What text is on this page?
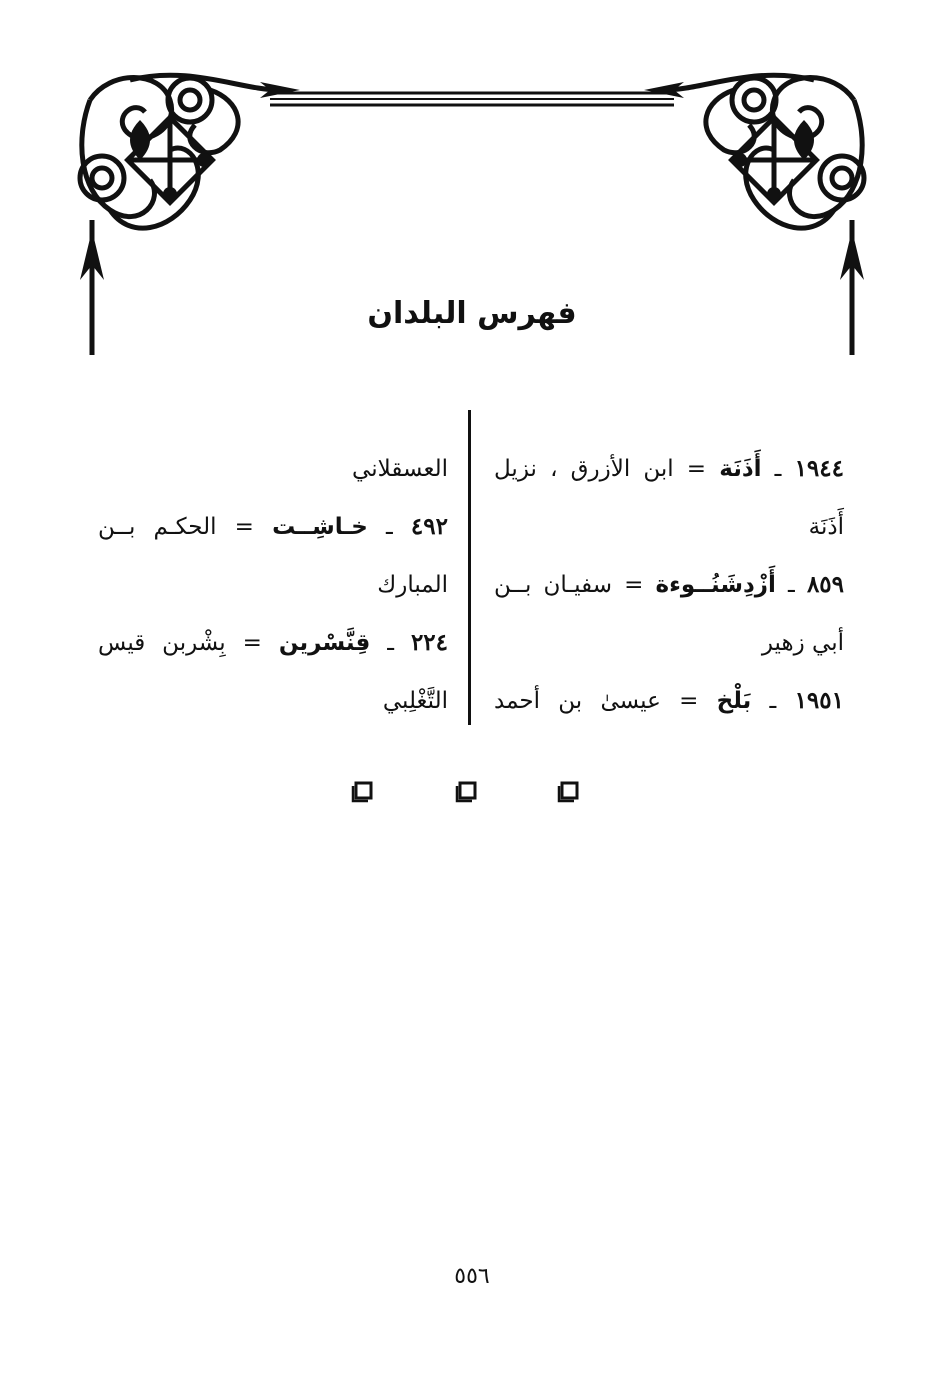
فهرس البلدان
١٩٤٤ ـ أَذَنَة = ابن الأزرق ، نزيل
أَذَنَة
٨٥٩ ـ أَزْدِشَنُــوءة = سفيـان بــن
أبي زهير
١٩٥١ ـ بَلْخ = عيسىٰ بن أحمد
العسقلاني
٤٩٢ ـ خـاشِــت = الحكـم بــن
المبارك
٢٢٤ ـ قِنَّسْرين = بِشْربن قيس
التَّغْلِبي
٥٥٦
